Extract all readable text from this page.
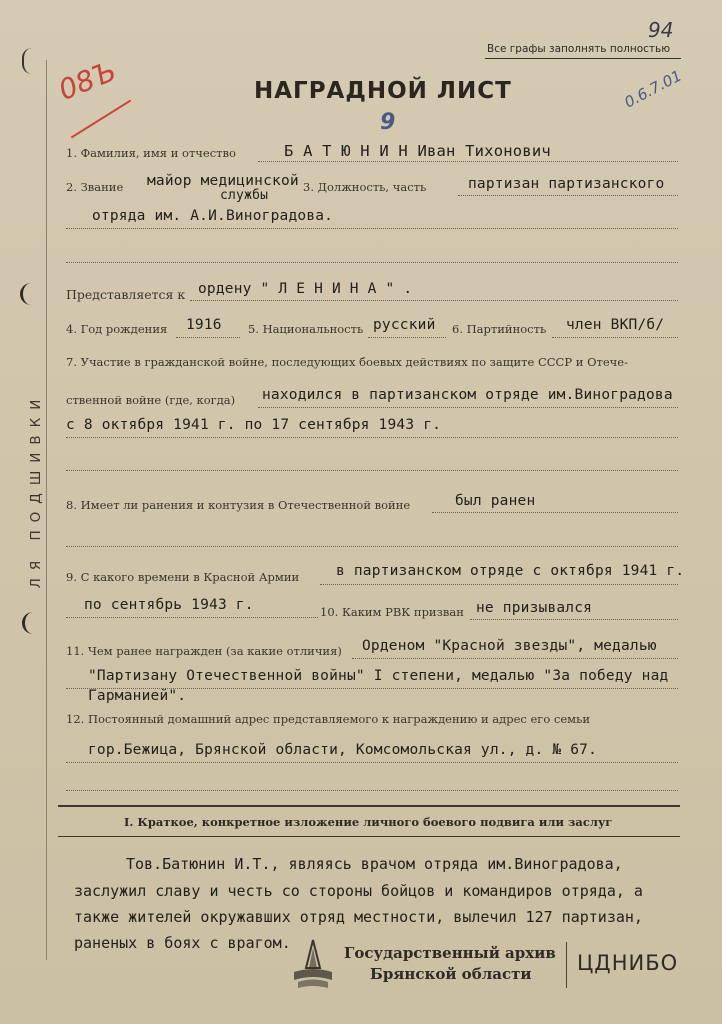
ЛЯ ПОДШИВКИ
08Ъ	0.6.7.01
9
94
Все графы заполнять полностью
НАГРАДНОЙ ЛИСТ
1. Фамилия, имя и отчество	Б А Т Ю Н И Н Иван Тихонович
2. Звание майор медицинской
службы
3. Должность, часть	партизан партизанского
отряда им. А.И.Виноградова.
Представляется к ордену " Л Е Н И Н А " .
4. Год рождения 1916 5. Национальность русский 6. Партийность член ВКП/б/
7. Участие в гражданской войне, последующих боевых действиях по защите СССР и Отече-
ственной войне (где, когда) находился в партизанском отряде им.Виноградова
с 8 октября 1941 г. по 17 сентября 1943 г.
8. Имеет ли ранения и контузия в Отечественной войне	был ранен
9. С какого времени в Красной Армии	в партизанском отряде с октября 1941 г.
по сентябрь 1943 г.	10. Каким РВК призван не призывался
11. Чем ранее награжден (за какие отличия) Орденом "Красной звезды", медалью
"Партизану Отечественной войны" I степени, медалью "За победу над
Гарманией".
12. Постоянный домашний адрес представляемого к награждению и адрес его семьи
гор.Бежица, Брянской области, Комсомольская ул., д. № 67.
I. Краткое, конкретное изложение личного боевого подвига или заслуг
Тов.Батюнин И.Т., являясь врачом отряда им.Виноградова,
заслужил славу и честь со стороны бойцов и командиров отряда, а
также жителей окружавших отряд местности, вылечил 127 партизан,
раненых в боях с врагом.
Государственный архив
Брянской области ЦДНИБО
